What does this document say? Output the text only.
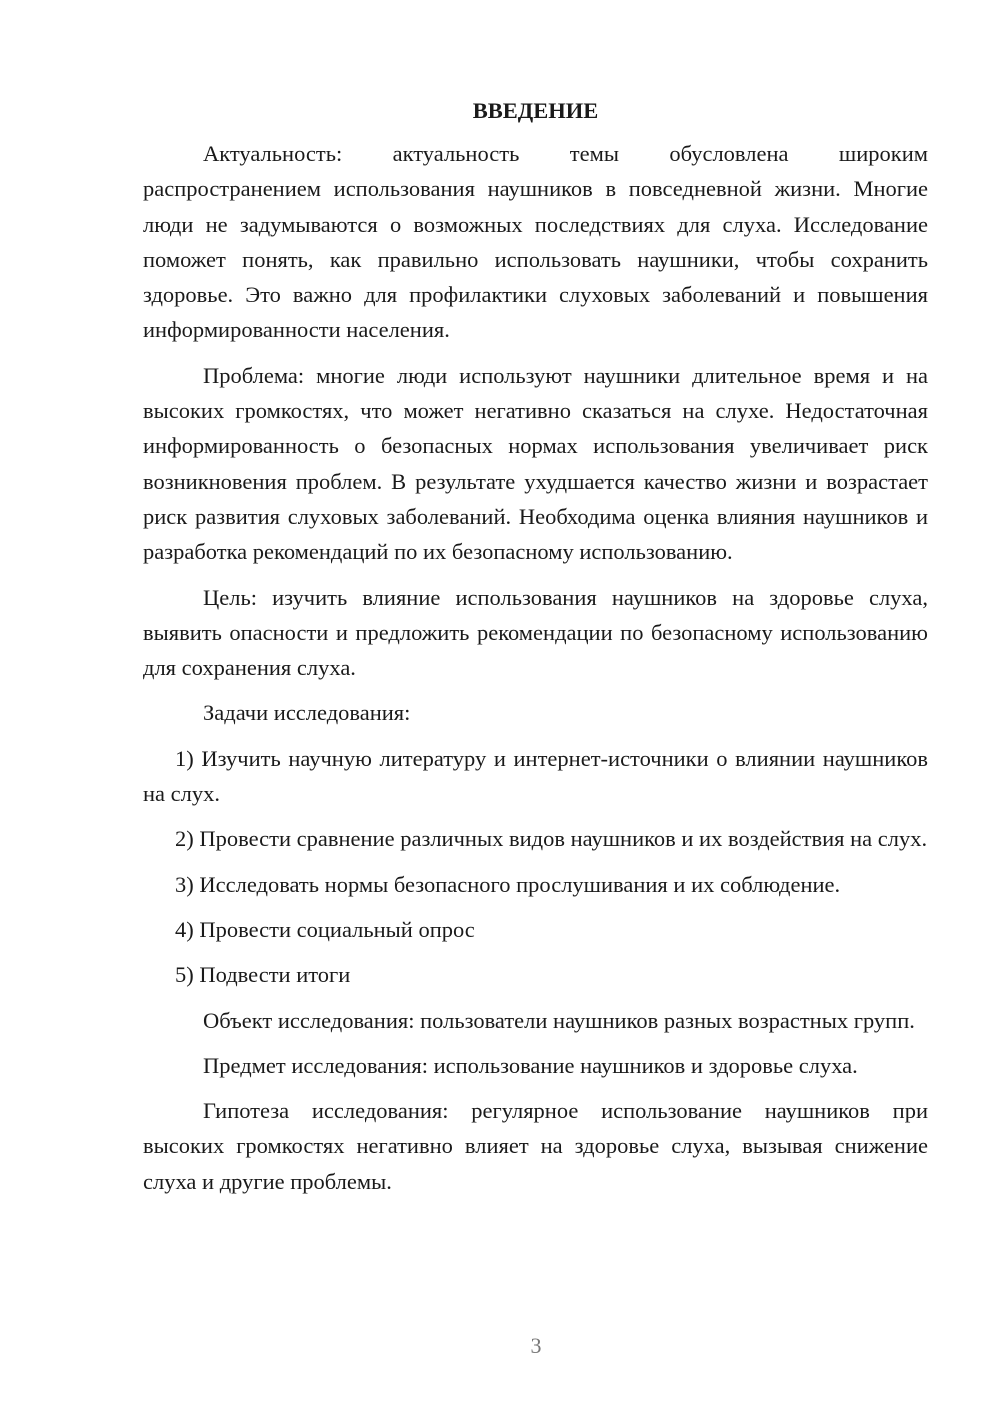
ВВЕДЕНИЕ

Актуальность: актуальность темы обусловлена широким распространением использования наушников в повседневной жизни. Многие люди не задумываются о возможных последствиях для слуха. Исследование поможет понять, как правильно использовать наушники, чтобы сохранить здоровье. Это важно для профилактики слуховых заболеваний и повышения информированности населения.

Проблема: многие люди используют наушники длительное время и на высоких громкостях, что может негативно сказаться на слухе. Недостаточная информированность о безопасных нормах использования увеличивает риск возникновения проблем. В результате ухудшается качество жизни и возрастает риск развития слуховых заболеваний. Необходима оценка влияния наушников и разработка рекомендаций по их безопасному использованию.

Цель: изучить влияние использования наушников на здоровье слуха, выявить опасности и предложить рекомендации по безопасному использованию для сохранения слуха.

Задачи исследования:

1) Изучить научную литературу и интернет-источники о влиянии наушников на слух.

2) Провести сравнение различных видов наушников и их воздействия на слух.

3) Исследовать нормы безопасного прослушивания и их соблюдение.

4) Провести социальный опрос

5) Подвести итоги

Объект исследования: пользователи наушников разных возрастных групп.

Предмет исследования: использование наушников и здоровье слуха.

Гипотеза исследования: регулярное использование наушников при высоких громкостях негативно влияет на здоровье слуха, вызывая снижение слуха и другие проблемы.

3
